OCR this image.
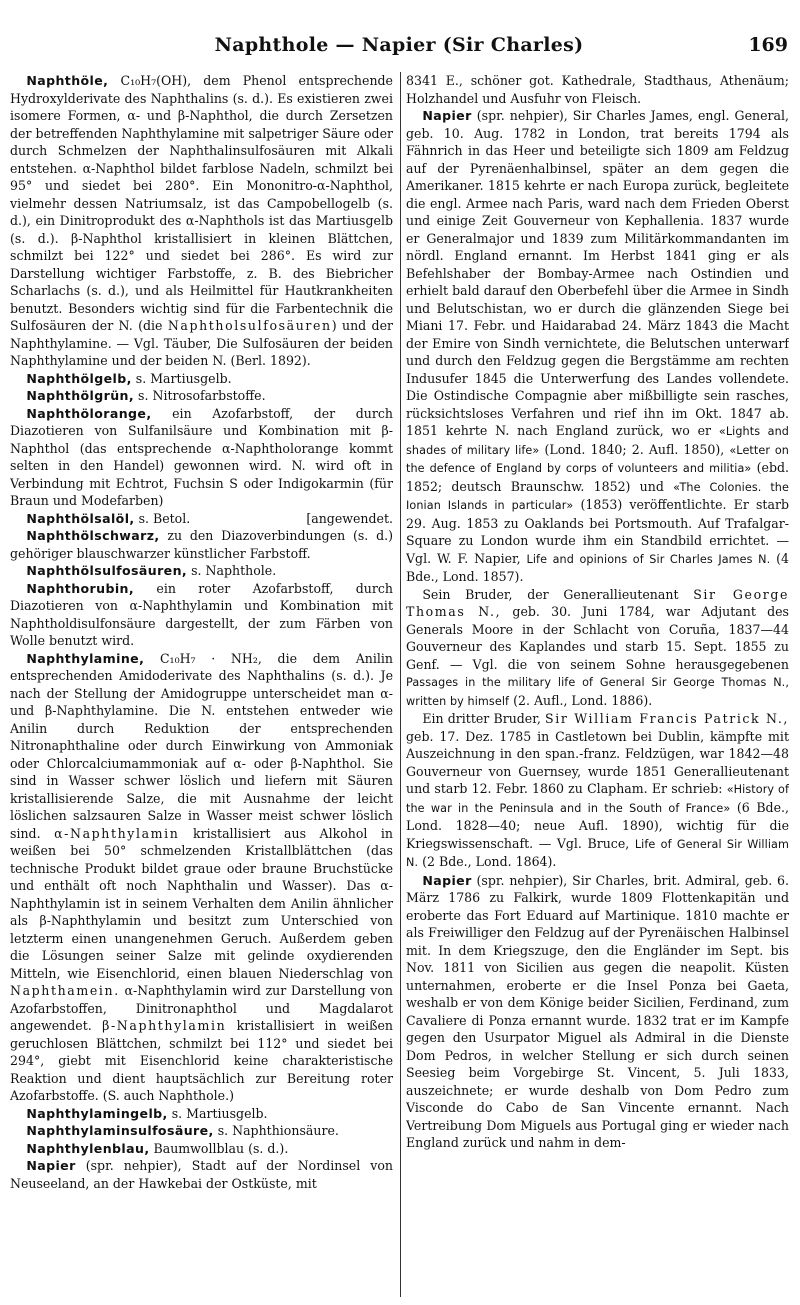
Naphthole — Napier (Sir Charles)	169

Naphthöle, C₁₀H₇(OH), dem Phenol entsprechende Hydroxylderivate des Naphthalins (s. d.). Es existieren zwei isomere Formen, α- und β-Naphthol, die durch Zersetzen der betreffenden Naphthylamine mit salpetriger Säure oder durch Schmelzen der Naphthalinsulfosäuren mit Alkali entstehen. α-Naphthol bildet farblose Nadeln, schmilzt bei 95° und siedet bei 280°. Ein Mononitro-α-Naphthol, vielmehr dessen Natriumsalz, ist das Campobellogelb (s. d.), ein Dinitroprodukt des α-Naphthols ist das Martiusgelb (s. d.). β-Naphthol kristallisiert in kleinen Blättchen, schmilzt bei 122° und siedet bei 286°. Es wird zur Darstellung wichtiger Farbstoffe, z. B. des Biebricher Scharlachs (s. d.), und als Heilmittel für Hautkrankheiten benutzt. Besonders wichtig sind für die Farbentechnik die Sulfosäuren der N. (die Naphtholsulfosäuren) und der Naphthylamine. — Vgl. Täuber, Die Sulfosäuren der beiden Naphthylamine und der beiden N. (Berl. 1892).

Naphthölgelb, s. Martiusgelb.

Naphthölgrün, s. Nitrosofarbstoffe.

Naphthölorange, ein Azofarbstoff, der durch Diazotieren von Sulfanilsäure und Kombination mit β-Naphthol (das entsprechende α-Naphtholorange kommt selten in den Handel) gewonnen wird. N. wird oft in Verbindung mit Echtrot, Fuchsin S oder Indigokarmin (für Braun und Modefarben)

[angewendet.
Naphthölsalöl, s. Betol.

Naphthölschwarz, zu den Diazoverbindungen (s. d.) gehöriger blauschwarzer künstlicher Farbstoff.

Naphthölsulfosäuren, s. Naphthole.

Naphthorubin, ein roter Azofarbstoff, durch Diazotieren von α-Naphthylamin und Kombination mit Naphtholdisulfonsäure dargestellt, der zum Färben von Wolle benutzt wird.

Naphthylamine, C₁₀H₇ · NH₂, die dem Anilin entsprechenden Amidoderivate des Naphthalins (s. d.). Je nach der Stellung der Amidogruppe unterscheidet man α- und β-Naphthylamine. Die N. entstehen entweder wie Anilin durch Reduktion der entsprechenden Nitronaphthaline oder durch Einwirkung von Ammoniak oder Chlorcalciumammoniak auf α- oder β-Naphthol. Sie sind in Wasser schwer löslich und liefern mit Säuren kristallisierende Salze, die mit Ausnahme der leicht löslichen salzsauren Salze in Wasser meist schwer löslich sind. α-Naphthylamin kristallisiert aus Alkohol in weißen bei 50° schmelzenden Kristallblättchen (das technische Produkt bildet graue oder braune Bruchstücke und enthält oft noch Naphthalin und Wasser). Das α-Naphthylamin ist in seinem Verhalten dem Anilin ähnlicher als β-Naphthylamin und besitzt zum Unterschied von letzterm einen unangenehmen Geruch. Außerdem geben die Lösungen seiner Salze mit gelinde oxydierenden Mitteln, wie Eisenchlorid, einen blauen Niederschlag von Naphthamein. α-Naphthylamin wird zur Darstellung von Azofarbstoffen, Dinitronaphthol und Magdalarot angewendet. β-Naphthylamin kristallisiert in weißen geruchlosen Blättchen, schmilzt bei 112° und siedet bei 294°, giebt mit Eisenchlorid keine charakteristische Reaktion und dient hauptsächlich zur Bereitung roter Azofarbstoffe. (S. auch Naphthole.)

Naphthylamingelb, s. Martiusgelb.

Naphthylaminsulfosäure, s. Naphthionsäure.

Naphthylenblau, Baumwollblau (s. d.).

Napier (spr. nehpier), Stadt auf der Nordinsel von Neuseeland, an der Hawkebai der Ostküste, mit

8341 E., schöner got. Kathedrale, Stadthaus, Athenäum; Holzhandel und Ausfuhr von Fleisch.

Napier (spr. nehpier), Sir Charles James, engl. General, geb. 10. Aug. 1782 in London, trat bereits 1794 als Fähnrich in das Heer und beteiligte sich 1809 am Feldzug auf der Pyrenäenhalbinsel, später an dem gegen die Amerikaner. 1815 kehrte er nach Europa zurück, begleitete die engl. Armee nach Paris, ward nach dem Frieden Oberst und einige Zeit Gouverneur von Kephallenia. 1837 wurde er Generalmajor und 1839 zum Militärkommandanten im nördl. England ernannt. Im Herbst 1841 ging er als Befehlshaber der Bombay-Armee nach Ostindien und erhielt bald darauf den Oberbefehl über die Armee in Sindh und Belutschistan, wo er durch die glänzenden Siege bei Miani 17. Febr. und Haidarabad 24. März 1843 die Macht der Emire von Sindh vernichtete, die Belutschen unterwarf und durch den Feldzug gegen die Bergstämme am rechten Indusufer 1845 die Unterwerfung des Landes vollendete. Die Ostindische Compagnie aber mißbilligte sein rasches, rücksichtsloses Verfahren und rief ihn im Okt. 1847 ab. 1851 kehrte N. nach England zurück, wo er «Lights and shades of military life» (Lond. 1840; 2. Aufl. 1850), «Letter on the defence of England by corps of volunteers and militia» (ebd. 1852; deutsch Braunschw. 1852) und «The Colonies. the Ionian Islands in particular» (1853) veröffentlichte. Er starb 29. Aug. 1853 zu Oaklands bei Portsmouth. Auf Trafalgar-Square zu London wurde ihm ein Standbild errichtet. — Vgl. W. F. Napier, Life and opinions of Sir Charles James N. (4 Bde., Lond. 1857).

Sein Bruder, der Generallieutenant Sir George Thomas N., geb. 30. Juni 1784, war Adjutant des Generals Moore in der Schlacht von Coruña, 1837—44 Gouverneur des Kaplandes und starb 15. Sept. 1855 zu Genf. — Vgl. die von seinem Sohne herausgegebenen Passages in the military life of General Sir George Thomas N., written by himself (2. Aufl., Lond. 1886).

Ein dritter Bruder, Sir William Francis Patrick N., geb. 17. Dez. 1785 in Castletown bei Dublin, kämpfte mit Auszeichnung in den span.-franz. Feldzügen, war 1842—48 Gouverneur von Guernsey, wurde 1851 Generallieutenant und starb 12. Febr. 1860 zu Clapham. Er schrieb: «History of the war in the Peninsula and in the South of France» (6 Bde., Lond. 1828—40; neue Aufl. 1890), wichtig für die Kriegswissenschaft. — Vgl. Bruce, Life of General Sir William N. (2 Bde., Lond. 1864).

Napier (spr. nehpier), Sir Charles, brit. Admiral, geb. 6. März 1786 zu Falkirk, wurde 1809 Flottenkapitän und eroberte das Fort Eduard auf Martinique. 1810 machte er als Freiwilliger den Feldzug auf der Pyrenäischen Halbinsel mit. In dem Kriegszuge, den die Engländer im Sept. bis Nov. 1811 von Sicilien aus gegen die neapolit. Küsten unternahmen, eroberte er die Insel Ponza bei Gaeta, weshalb er von dem Könige beider Sicilien, Ferdinand, zum Cavaliere di Ponza ernannt wurde. 1832 trat er im Kampfe gegen den Usurpator Miguel als Admiral in die Dienste Dom Pedros, in welcher Stellung er sich durch seinen Seesieg beim Vorgebirge St. Vincent, 5. Juli 1833, auszeichnete; er wurde deshalb von Dom Pedro zum Visconde do Cabo de San Vincente ernannt. Nach Vertreibung Dom Miguels aus Portugal ging er wieder nach England zurück und nahm in dem-
